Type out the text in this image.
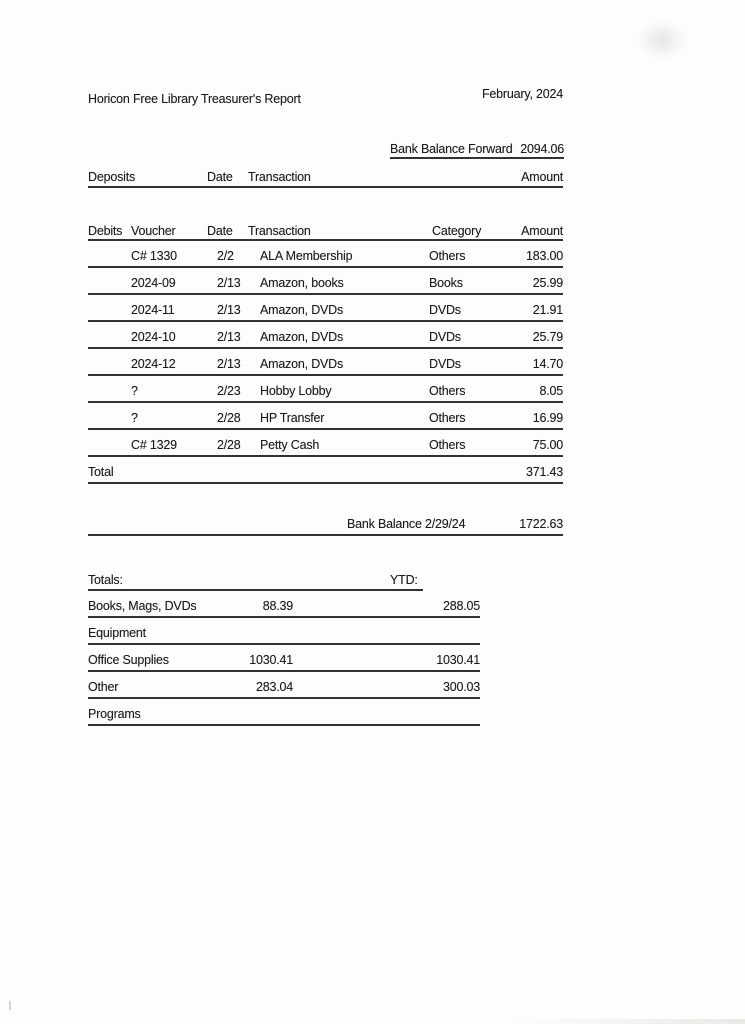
Horicon Free Library Treasurer's Report	February, 2024
Bank Balance Forward 2094.06
Deposits	Date	Transaction	Amount
Debits Voucher	Date	Transaction	Category	Amount
C# 1330	2/2	ALA Membership	Others	183.00
2024-09	2/13	Amazon, books	Books	25.99
2024-11	2/13	Amazon, DVDs	DVDs	21.91
2024-10	2/13	Amazon, DVDs	DVDs	25.79
2024-12	2/13	Amazon, DVDs	DVDs	14.70
?	2/23	Hobby Lobby	Others	8.05
?	2/28	HP Transfer	Others	16.99
C# 1329	2/28	Petty Cash	Others	75.00
Total	371.43
Bank Balance 2/29/24	1722.63
Totals:	YTD:
Books, Mags, DVDs	88.39	288.05
Equipment
Office Supplies	1030.41	1030.41
Other	283.04	300.03
Programs
